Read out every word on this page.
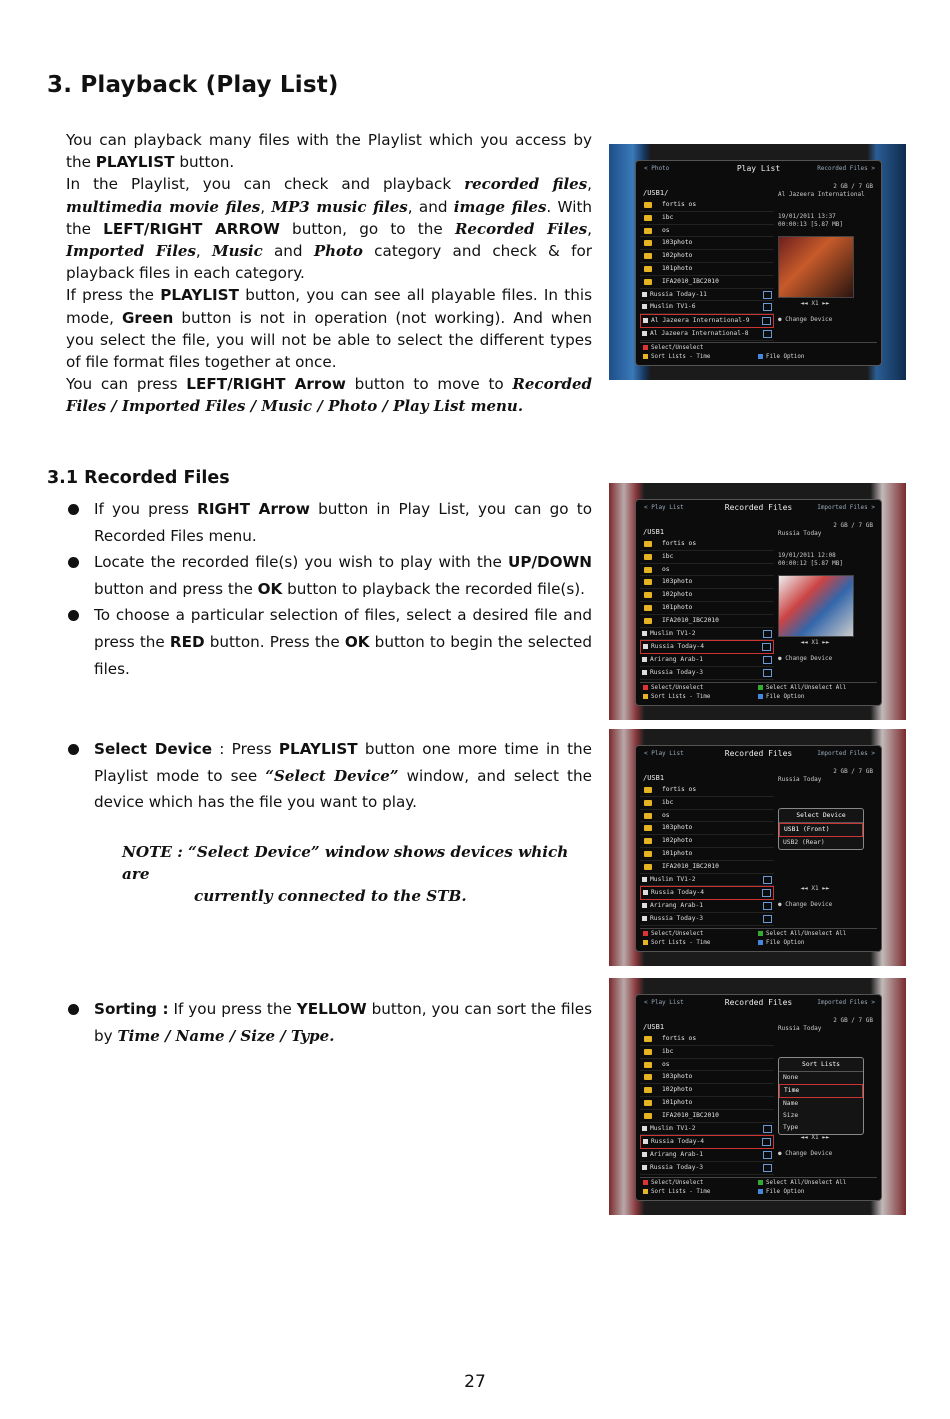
3. Playback (Play List)

You can playback many files with the Playlist which you access by the PLAYLIST button.

In the Playlist, you can check and playback recorded files, multimedia movie files, MP3 music files, and image files. With the LEFT/RIGHT ARROW button, go to the Recorded Files, Imported Files, Music and Photo category and check & for playback files in each category.

If press the PLAYLIST button, you can see all playable files. In this mode, Green button is not in operation (not working). And when you select the file, you will not be able to select the different types of file format files together at once.

You can press LEFT/RIGHT Arrow button to move to Recorded Files / Imported Files / Music / Photo / Play List menu.

3.1 Recorded Files
If you press RIGHT Arrow button in Play List, you can go to Recorded Files menu.
Locate the recorded file(s) you wish to play with the UP/DOWN button and press the OK button to playback the recorded file(s).
To choose a particular selection of files, select a desired file and press the RED button. Press the OK button to begin the selected files.
Select Device : Press PLAYLIST button one more time in the Playlist mode to see “Select Device” window, and select the device which has the file you want to play.
NOTE : “Select Device” window shows devices which are
currently connected to the STB.
Sorting : If you press the YELLOW button, you can sort the files by Time / Name / Size / Type.
27
< Photo	Play List	Recorded Files >
/USB1/
2 GB / 7 GB
Al Jazeera International
fortis os
ibc
os
103photo
102photo
101photo
IFA2010_IBC2010
Russia Today-11
Muslim TV1-6
Al Jazeera International-9
Al Jazeera International-8
19/01/2011 13:37
00:00:13 [5.87 MB]
◄◄ X1 ►►
● Change Device
Select/Unselect
Sort Lists - Time	File Option
< Play List	Recorded Files	Imported Files >
/USB1
2 GB / 7 GB
Russia Today
fortis os
ibc
os
103photo
102photo
101photo
IFA2010_IBC2010
Muslim TV1-2
Russia Today-4
Arirang Arab-1
Russia Today-3
19/01/2011 12:08
00:00:12 [5.87 MB]
◄◄ X1 ►►
● Change Device
Select/Unselect
Sort Lists - Time
Select All/Unselect All
File Option
< Play List	Recorded Files	Imported Files >
/USB1
2 GB / 7 GB
Russia Today
fortis os
ibc
os
103photo
102photo
101photo
IFA2010_IBC2010
Muslim TV1-2
Russia Today-4
Arirang Arab-1
Russia Today-3
Select Device
USB1 (Front)
USB2 (Rear)
◄◄ X1 ►►
● Change Device
Select/Unselect
Sort Lists - Time
Select All/Unselect All
File Option
< Play List	Recorded Files	Imported Files >
/USB1
2 GB / 7 GB
Russia Today
fortis os
ibc
os
103photo
102photo
101photo
IFA2010_IBC2010
Muslim TV1-2
Russia Today-4
Arirang Arab-1
Russia Today-3
Sort Lists
None
Time
Name
Size
Type
◄◄ X1 ►►
● Change Device
Select/Unselect
Sort Lists - Time
Select All/Unselect All
File Option
